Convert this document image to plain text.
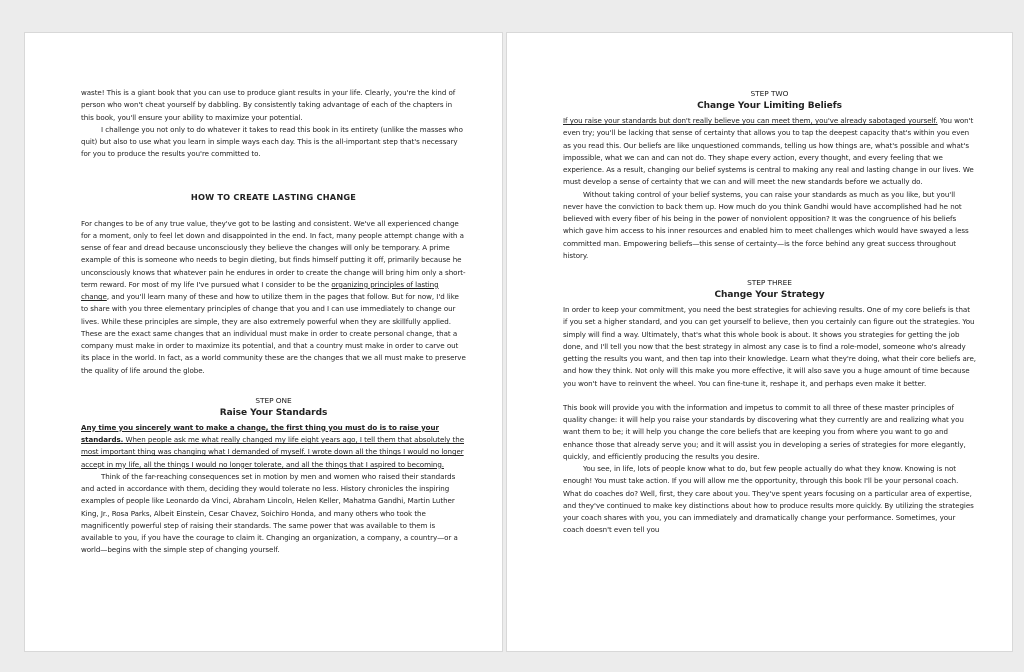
waste! This is a giant book that you can use to produce giant results in your life. Clearly, you're the kind of person who won't cheat yourself by dabbling. By consistently taking advantage of each of the chapters in this book, you'll ensure your ability to maximize your potential.

I challenge you not only to do whatever it takes to read this book in its entirety (unlike the masses who quit) but also to use what you learn in simple ways each day. This is the all-important step that's necessary for you to produce the results you're committed to.

HOW TO CREATE LASTING CHANGE

For changes to be of any true value, they've got to be lasting and consistent. We've all experienced change for a moment, only to feel let down and disappointed in the end. In fact, many people attempt change with a sense of fear and dread because unconsciously they believe the changes will only be temporary. A prime example of this is someone who needs to begin dieting, but finds himself putting it off, primarily because he unconsciously knows that whatever pain he endures in order to create the change will bring him only a short-term reward. For most of my life I've pursued what I consider to be the organizing principles of lasting change, and you'll learn many of these and how to utilize them in the pages that follow. But for now, I'd like to share with you three elementary principles of change that you and I can use immediately to change our lives. While these principles are simple, they are also extremely powerful when they are skillfully applied. These are the exact same changes that an individual must make in order to create personal change, that a company must make in order to maximize its potential, and that a country must make in order to carve out its place in the world. In fact, as a world community these are the changes that we all must make to preserve the quality of life around the globe.

STEP ONE
Raise Your Standards

Any time you sincerely want to make a change, the first thing you must do is to raise your standards. When people ask me what really changed my life eight years ago, I tell them that absolutely the most important thing was changing what I demanded of myself. I wrote down all the things I would no longer accept in my life, all the things I would no longer tolerate, and all the things that I aspired to becoming.

Think of the far-reaching consequences set in motion by men and women who raised their standards and acted in accordance with them, deciding they would tolerate no less. History chronicles the inspiring examples of people like Leonardo da Vinci, Abraham Lincoln, Helen Keller, Mahatma Gandhi, Martin Luther King, Jr., Rosa Parks, Albeit Einstein, Cesar Chavez, Soichiro Honda, and many others who took the magnificently powerful step of raising their standards. The same power that was available to them is available to you, if you have the courage to claim it. Changing an organization, a company, a country—or a world—begins with the simple step of changing yourself.

STEP TWO
Change Your Limiting Beliefs

If you raise your standards but don't really believe you can meet them, you've already sabotaged yourself. You won't even try; you'll be lacking that sense of certainty that allows you to tap the deepest capacity that's within you even as you read this. Our beliefs are like unquestioned commands, telling us how things are, what's possible and what's impossible, what we can and can not do. They shape every action, every thought, and every feeling that we experience. As a result, changing our belief systems is central to making any real and lasting change in our lives. We must develop a sense of certainty that we can and will meet the new standards before we actually do.

Without taking control of your belief systems, you can raise your standards as much as you like, but you'll never have the conviction to back them up. How much do you think Gandhi would have accomplished had he not believed with every fiber of his being in the power of nonviolent opposition? It was the congruence of his beliefs which gave him access to his inner resources and enabled him to meet challenges which would have swayed a less committed man. Empowering beliefs—this sense of certainty—is the force behind any great success throughout history.

STEP THREE
Change Your Strategy

In order to keep your commitment, you need the best strategies for achieving results. One of my core beliefs is that if you set a higher standard, and you can get yourself to believe, then you certainly can figure out the strategies. You simply will find a way. Ultimately, that's what this whole book is about. It shows you strategies for getting the job done, and I'll tell you now that the best strategy in almost any case is to find a role-model, someone who's already getting the results you want, and then tap into their knowledge. Learn what they're doing, what their core beliefs are, and how they think. Not only will this make you more effective, it will also save you a huge amount of time because you won't have to reinvent the wheel. You can fine-tune it, reshape it, and perhaps even make it better.

This book will provide you with the information and impetus to commit to all three of these master principles of quality change: it will help you raise your standards by discovering what they currently are and realizing what you want them to be; it will help you change the core beliefs that are keeping you from where you want to go and enhance those that already serve you; and it will assist you in developing a series of strategies for more elegantly, quickly, and efficiently producing the results you desire.

You see, in life, lots of people know what to do, but few people actually do what they know. Knowing is not enough! You must take action. If you will allow me the opportunity, through this book I'll be your personal coach. What do coaches do? Well, first, they care about you. They've spent years focusing on a particular area of expertise, and they've continued to make key distinctions about how to produce results more quickly. By utilizing the strategies your coach shares with you, you can immediately and dramatically change your performance. Sometimes, your coach doesn't even tell you
